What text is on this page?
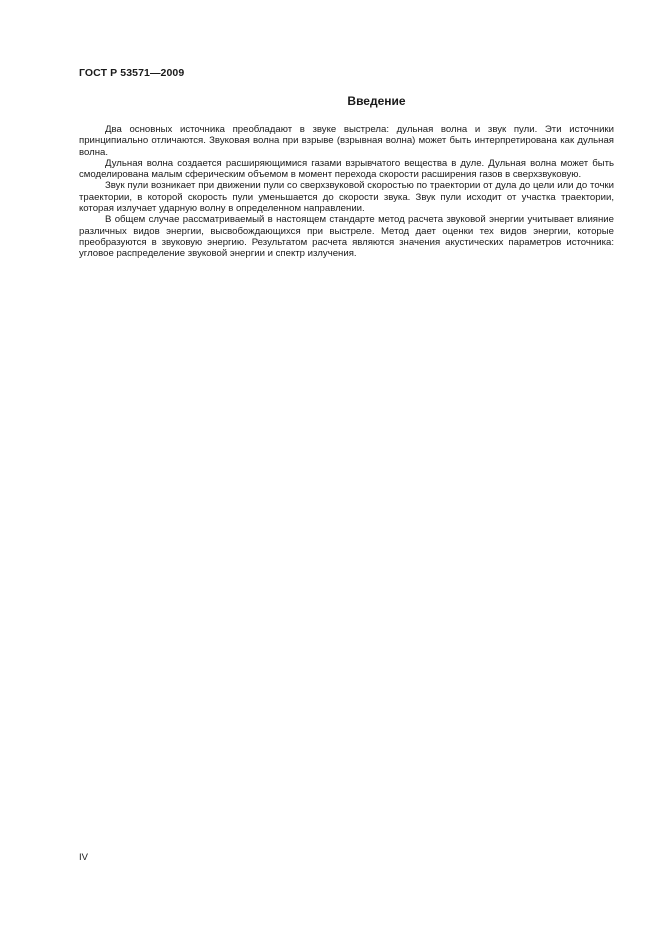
ГОСТ Р 53571—2009
Введение

Два основных источника преобладают в звуке выстрела: дульная волна и звук пули. Эти источники принципиально отличаются. Звуковая волна при взрыве (взрывная волна) может быть интерпретирована как дульная волна.

Дульная волна создается расширяющимися газами взрывчатого вещества в дуле. Дульная волна может быть смоделирована малым сферическим объемом в момент перехода скорости расширения газов в сверхзвуковую.

Звук пули возникает при движении пули со сверхзвуковой скоростью по траектории от дула до цели или до точки траектории, в которой скорость пули уменьшается до скорости звука. Звук пули исходит от участка траектории, которая излучает ударную волну в определенном направлении.

В общем случае рассматриваемый в настоящем стандарте метод расчета звуковой энергии учитывает влияние различных видов энергии, высвобождающихся при выстреле. Метод дает оценки тех видов энергии, которые преобразуются в звуковую энергию. Результатом расчета являются значения акустических параметров источника: угловое распределение звуковой энергии и спектр излучения.

IV
